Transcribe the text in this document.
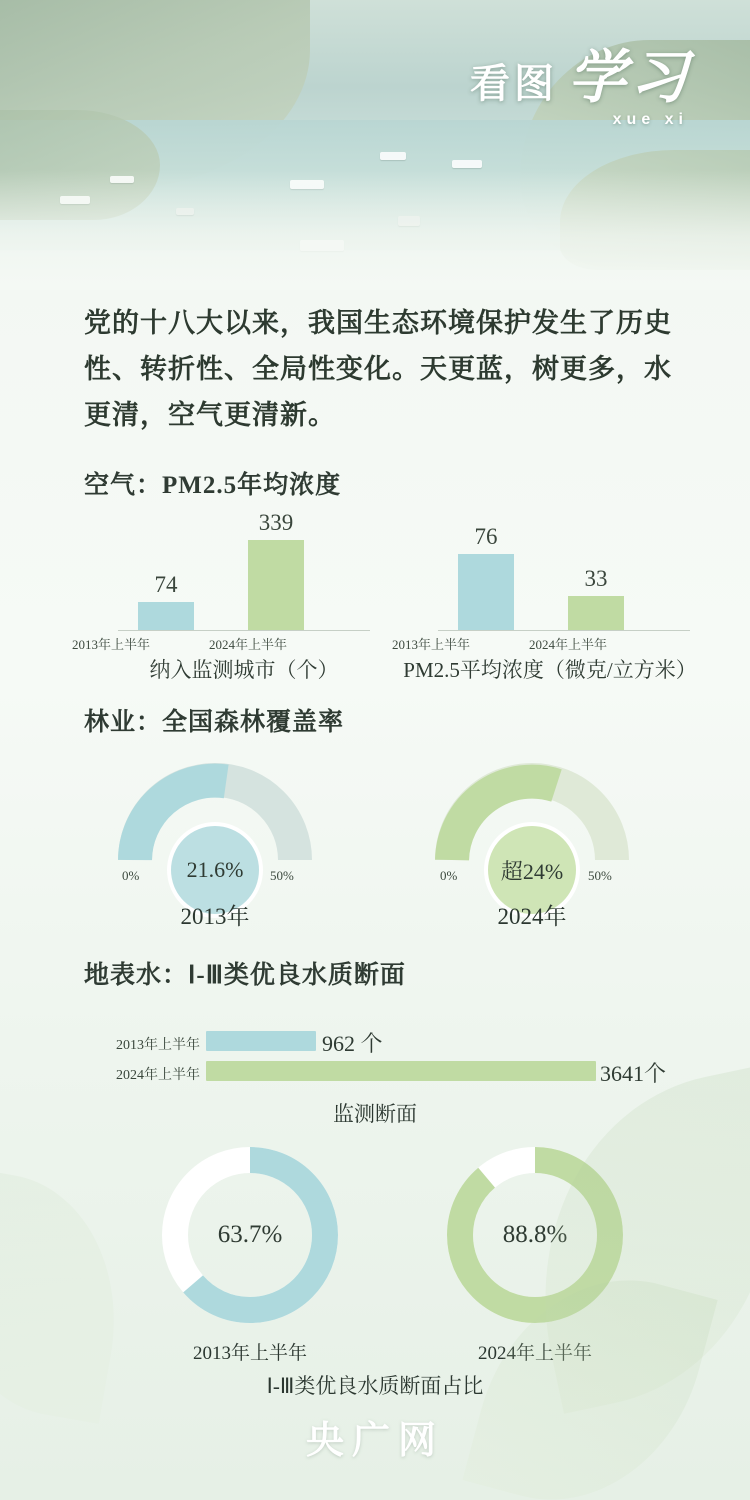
看图 学习
xue xi
党的十八大以来，我国生态环境保护发生了历史性、转折性、全局性变化。天更蓝，树更多，水更清，空气更清新。
空气：PM2.5年均浓度
74
339
2013年上半年	2024年上半年
纳入监测城市（个）
76
33
2013年上半年	2024年上半年
PM2.5平均浓度（微克/立方米）
林业：全国森林覆盖率
21.6%
0%	50%
2013年
超24%
0%	50%
2024年
地表水：Ⅰ-Ⅲ类优良水质断面
2013年上半年	962 个
2024年上半年	3641个
监测断面
63.7%
2013年上半年
88.8%
2024年上半年
Ⅰ-Ⅲ类优良水质断面占比
央广网
